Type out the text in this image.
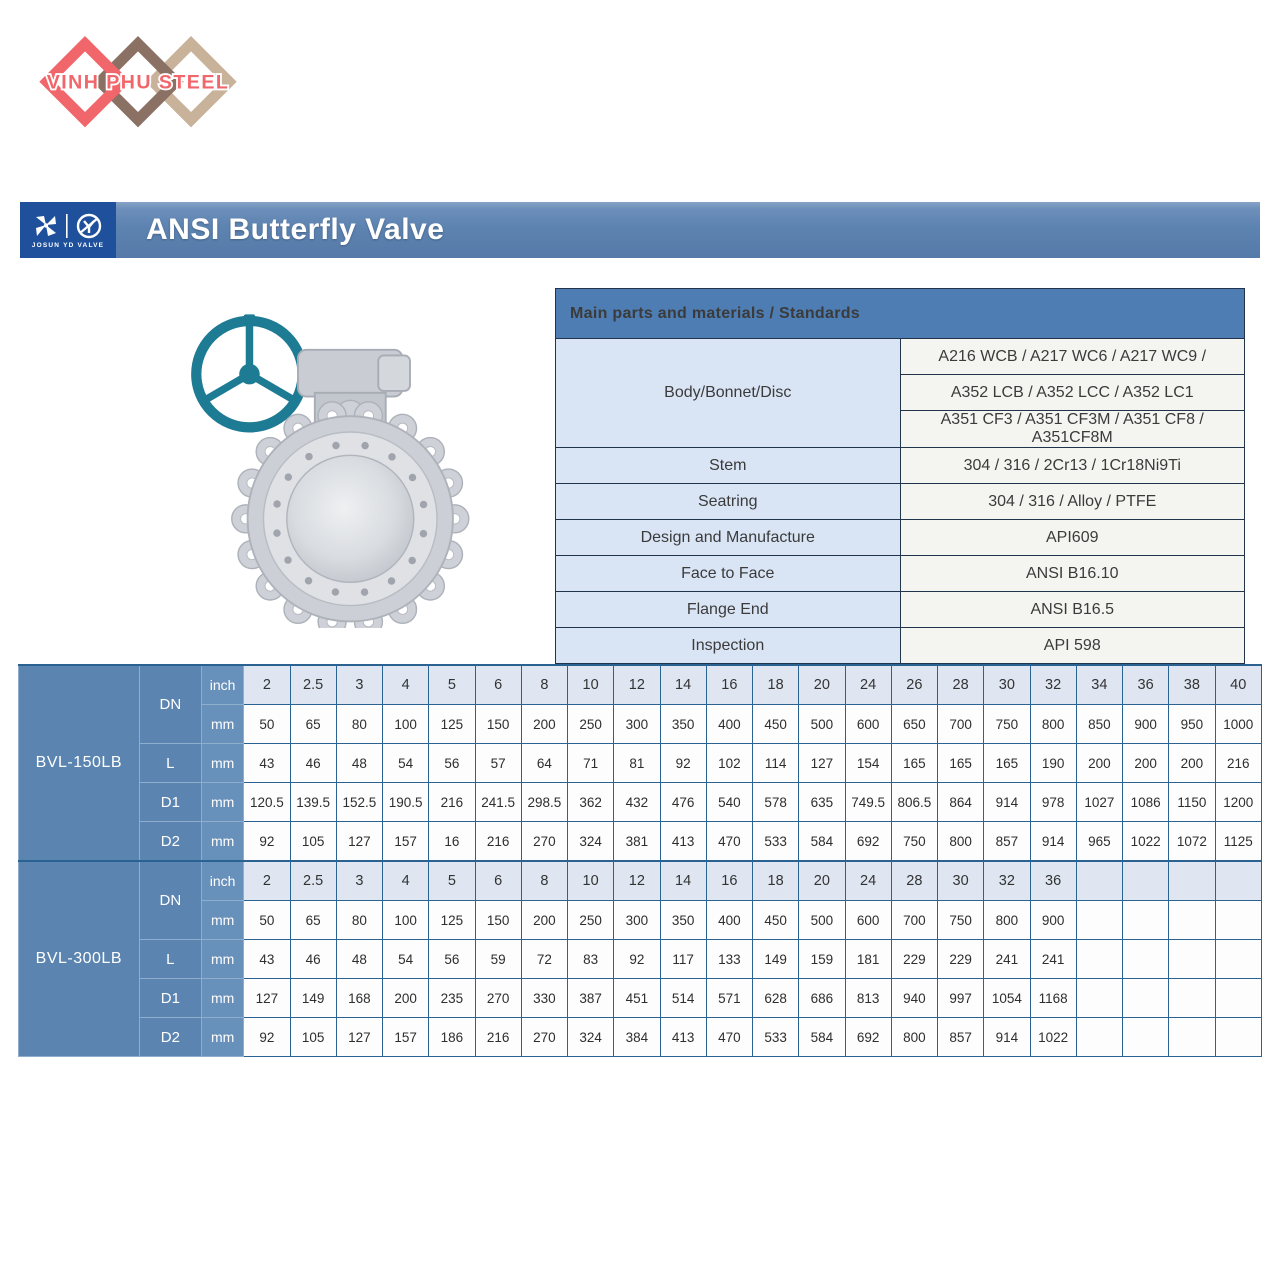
VINH PHU STEEL
JOSUN YD VALVE	ANSI Butterfly Valve
Main parts and materials / Standards	
Body/Bonnet/Disc	A216 WCB / A217 WC6 / A217 WC9 /
	A352 LCB / A352 LCC / A352 LC1
	A351 CF3 / A351 CF3M / A351 CF8 / A351CF8M
Stem	304 / 316 / 2Cr13 / 1Cr18Ni9Ti
Seatring	304 / 316 / Alloy / PTFE
Design and Manufacture	API609
Face to Face	ANSI B16.10
Flange End	ANSI B16.5
Inspection	API 598
BVL-150LB	DN	inch	2	2.5	3	4	5	6	8	10	12	14	16	18	20	24	26	28	30	32	34	36	38	40
		mm	50	65	80	100	125	150	200	250	300	350	400	450	500	600	650	700	750	800	850	900	950	1000
	L	mm	43	46	48	54	56	57	64	71	81	92	102	114	127	154	165	165	165	190	200	200	200	216
	D1	mm	120.5	139.5	152.5	190.5	216	241.5	298.5	362	432	476	540	578	635	749.5	806.5	864	914	978	1027	1086	1150	1200
	D2	mm	92	105	127	157	16	216	270	324	381	413	470	533	584	692	750	800	857	914	965	1022	1072	1125
BVL-300LB	DN	inch	2	2.5	3	4	5	6	8	10	12	14	16	18	20	24	28	30	32	36				
		mm	50	65	80	100	125	150	200	250	300	350	400	450	500	600	700	750	800	900				
	L	mm	43	46	48	54	56	59	72	83	92	117	133	149	159	181	229	229	241	241				
	D1	mm	127	149	168	200	235	270	330	387	451	514	571	628	686	813	940	997	1054	1168				
	D2	mm	92	105	127	157	186	216	270	324	384	413	470	533	584	692	800	857	914	1022				
